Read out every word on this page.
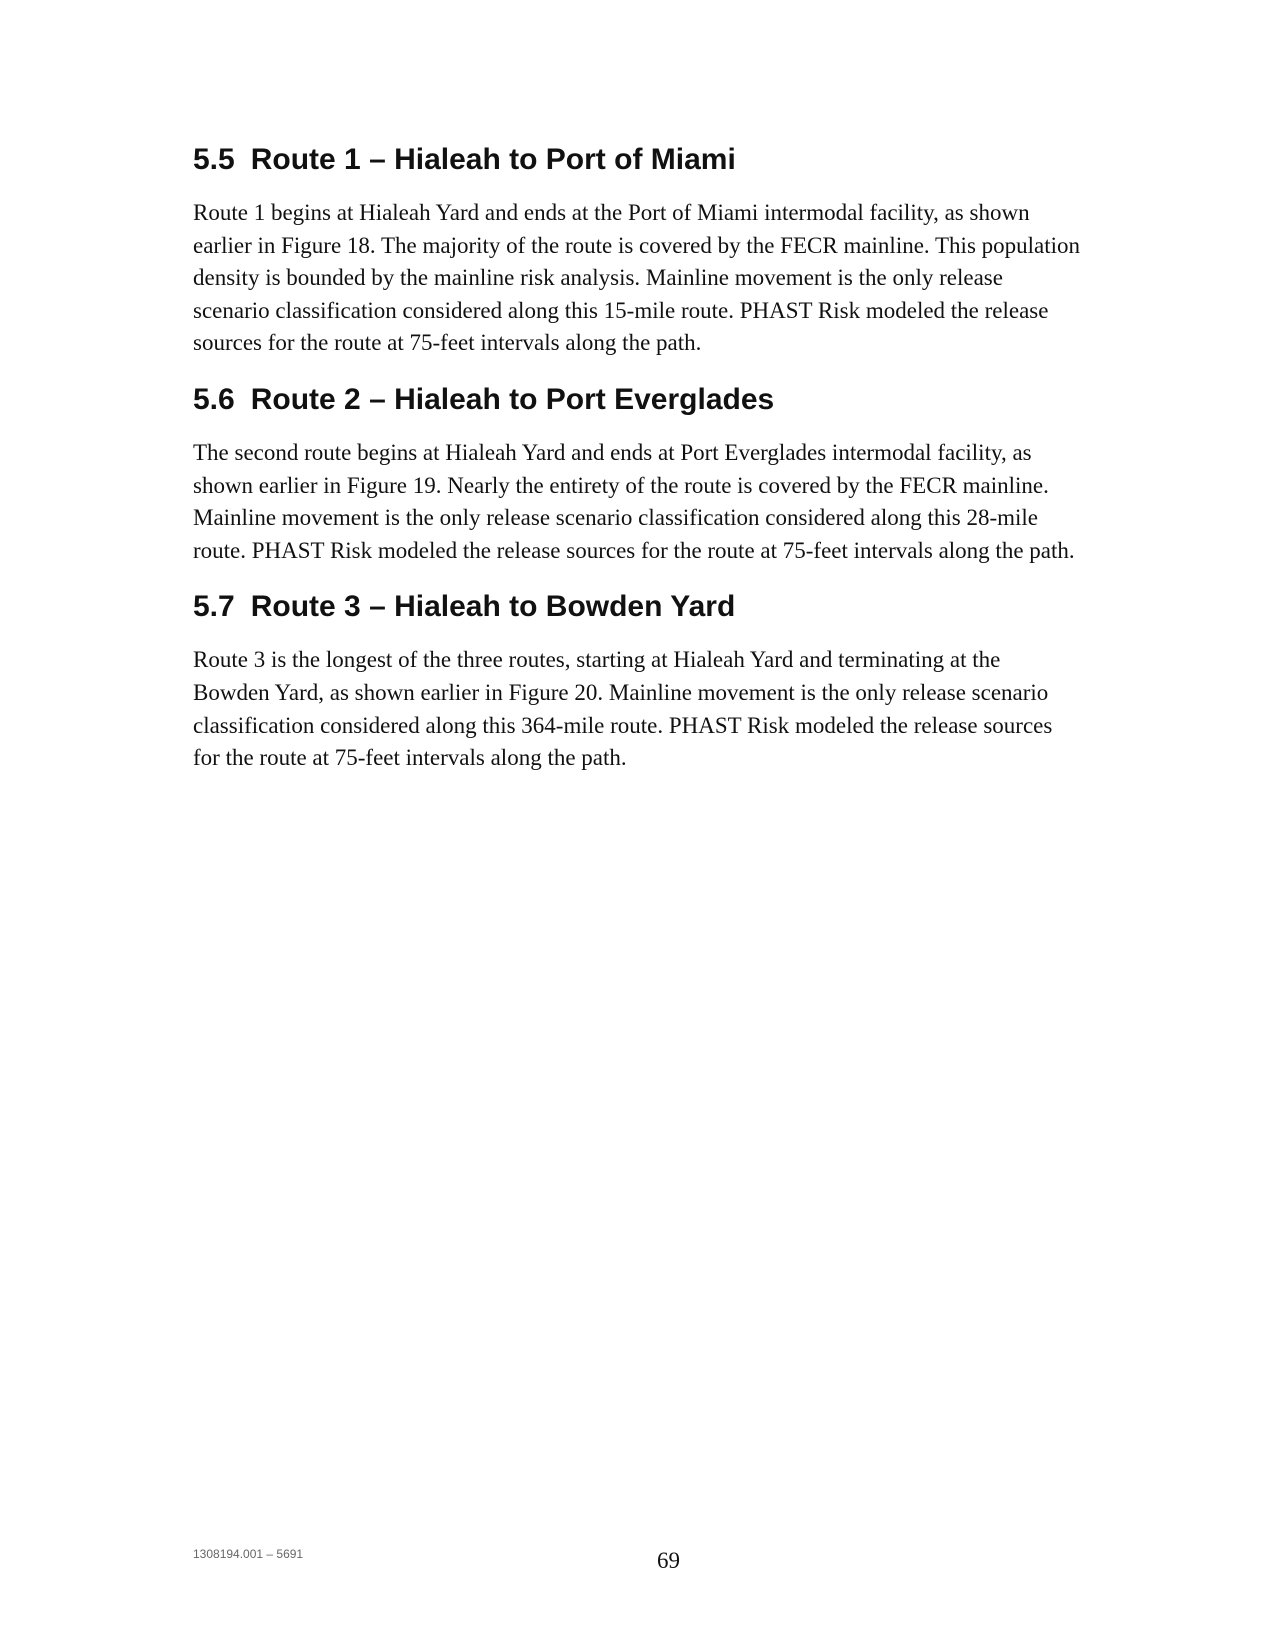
5.5 Route 1 – Hialeah to Port of Miami

Route 1 begins at Hialeah Yard and ends at the Port of Miami intermodal facility, as shown
earlier in Figure 18. The majority of the route is covered by the FECR mainline. This population
density is bounded by the mainline risk analysis. Mainline movement is the only release
scenario classification considered along this 15-mile route. PHAST Risk modeled the release
sources for the route at 75-feet intervals along the path.

5.6 Route 2 – Hialeah to Port Everglades

The second route begins at Hialeah Yard and ends at Port Everglades intermodal facility, as
shown earlier in Figure 19. Nearly the entirety of the route is covered by the FECR mainline.
Mainline movement is the only release scenario classification considered along this 28-mile
route. PHAST Risk modeled the release sources for the route at 75-feet intervals along the path.

5.7 Route 3 – Hialeah to Bowden Yard

Route 3 is the longest of the three routes, starting at Hialeah Yard and terminating at the
Bowden Yard, as shown earlier in Figure 20. Mainline movement is the only release scenario
classification considered along this 364-mile route. PHAST Risk modeled the release sources
for the route at 75-feet intervals along the path.

1308194.001 – 5691	69
